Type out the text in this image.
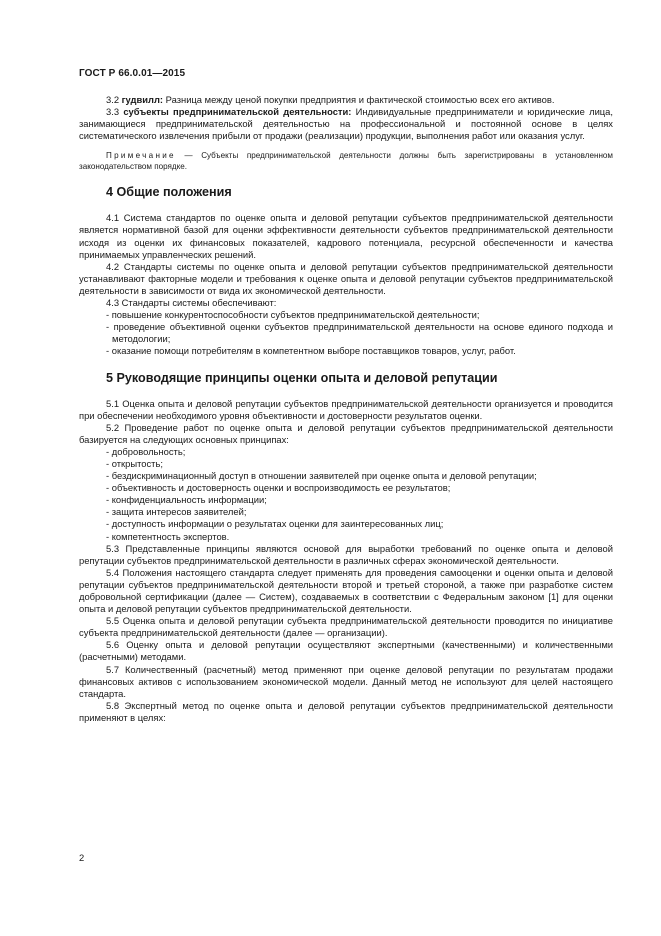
ГОСТ Р 66.0.01—2015

3.2 гудвилл: Разница между ценой покупки предприятия и фактической стоимостью всех его активов.

3.3 субъекты предпринимательской деятельности: Индивидуальные предприниматели и юридические лица, занимающиеся предпринимательской деятельностью на профессиональной и постоянной основе в целях систематического извлечения прибыли от продажи (реализации) продукции, выполнения работ или оказания услуг.

Примечание — Субъекты предпринимательской деятельности должны быть зарегистрированы в установленном законодательством порядке.

4 Общие положения

4.1 Система стандартов по оценке опыта и деловой репутации субъектов предпринимательской деятельности является нормативной базой для оценки эффективности деятельности субъектов предпринимательской деятельности исходя из оценки их финансовых показателей, кадрового потенциала, ресурсной обеспеченности и качества принимаемых управленческих решений.

4.2 Стандарты системы по оценке опыта и деловой репутации субъектов предпринимательской деятельности устанавливают факторные модели и требования к оценке опыта и деловой репутации субъектов предпринимательской деятельности в зависимости от вида их экономической деятельности.

4.3 Стандарты системы обеспечивают:

- повышение конкурентоспособности субъектов предпринимательской деятельности;

- проведение объективной оценки субъектов предпринимательской деятельности на основе единого подхода и методологии;

- оказание помощи потребителям в компетентном выборе поставщиков товаров, услуг, работ.

5 Руководящие принципы оценки опыта и деловой репутации

5.1 Оценка опыта и деловой репутации субъектов предпринимательской деятельности организуется и проводится при обеспечении необходимого уровня объективности и достоверности результатов оценки.

5.2 Проведение работ по оценке опыта и деловой репутации субъектов предпринимательской деятельности базируется на следующих основных принципах:

- добровольность;

- открытость;

- бездискриминационный доступ в отношении заявителей при оценке опыта и деловой репутации;

- объективность и достоверность оценки и воспроизводимость ее результатов;

- конфиденциальность информации;

- защита интересов заявителей;

- доступность информации о результатах оценки для заинтересованных лиц;

- компетентность экспертов.

5.3 Представленные принципы являются основой для выработки требований по оценке опыта и деловой репутации субъектов предпринимательской деятельности в различных сферах экономической деятельности.

5.4 Положения настоящего стандарта следует применять для проведения самооценки и оценки опыта и деловой репутации субъектов предпринимательской деятельности второй и третьей стороной, а также при разработке систем добровольной сертификации (далее — Систем), создаваемых в соответствии с Федеральным законом [1] для оценки опыта и деловой репутации субъектов предпринимательской деятельности.

5.5 Оценка опыта и деловой репутации субъекта предпринимательской деятельности проводится по инициативе субъекта предпринимательской деятельности (далее — организации).

5.6 Оценку опыта и деловой репутации осуществляют экспертными (качественными) и количественными (расчетными) методами.

5.7 Количественный (расчетный) метод применяют при оценке деловой репутации по результатам продажи финансовых активов с использованием экономической модели. Данный метод не используют для целей настоящего стандарта.

5.8 Экспертный метод по оценке опыта и деловой репутации субъектов предпринимательской деятельности применяют в целях:

2
